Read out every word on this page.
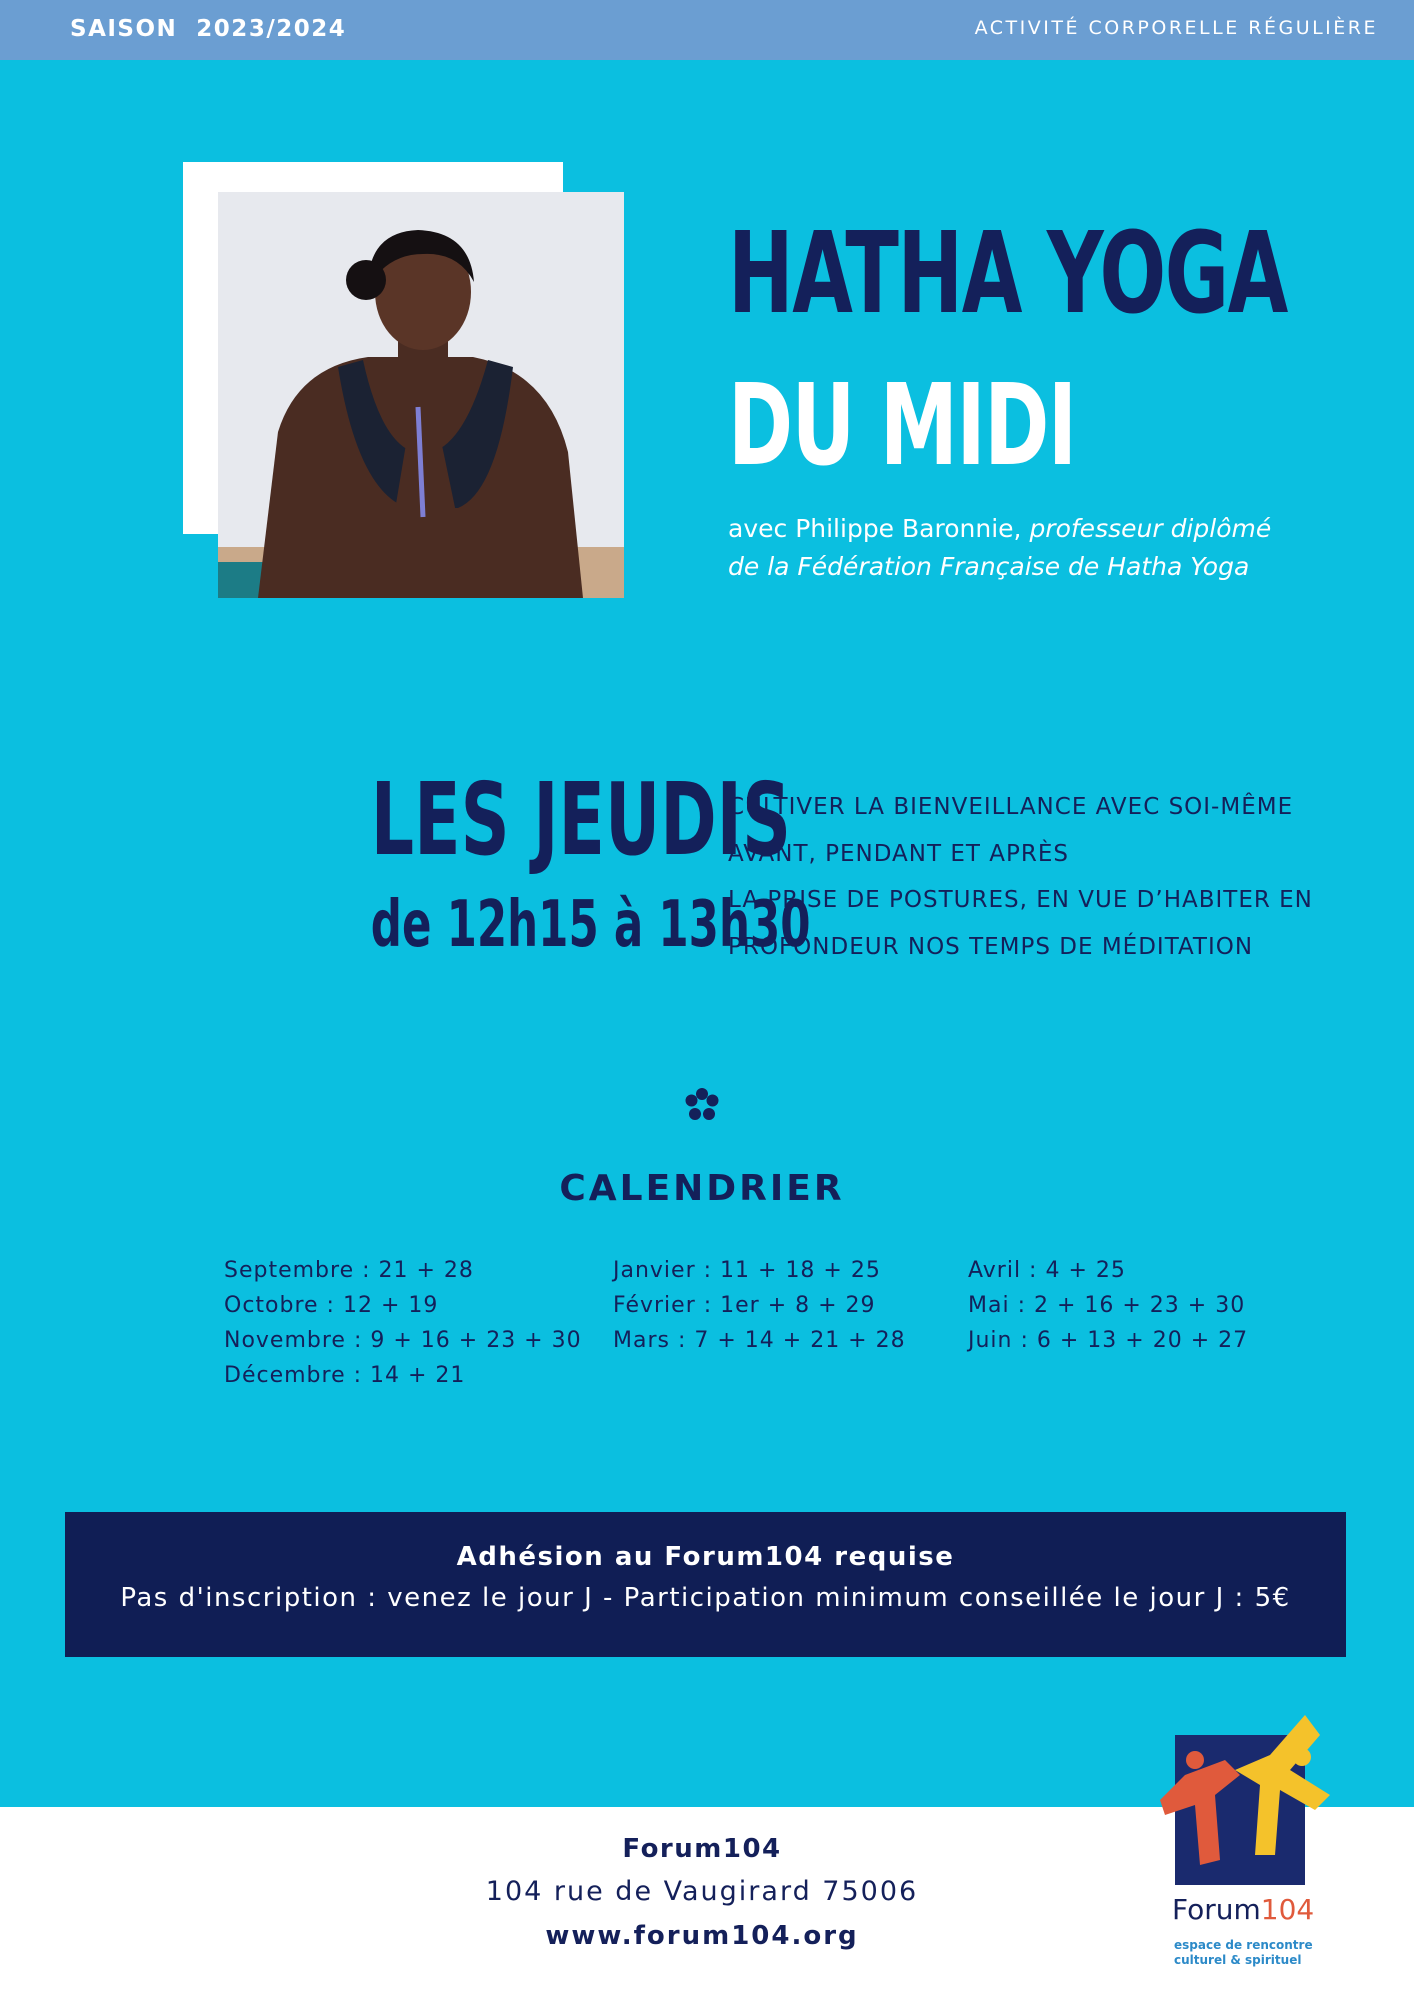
SAISON  2023/2024	ACTIVITÉ CORPORELLE RÉGULIÈRE
HATHA YOGA
DU MIDI
avec Philippe Baronnie, professeur diplômé
de la Fédération Française de Hatha Yoga
LES JEUDIS
de 12h15 à 13h30
CULTIVER LA BIENVEILLANCE AVEC SOI-MÊME
AVANT, PENDANT ET APRÈS
LA PRISE DE POSTURES, EN VUE D’HABITER EN
PROFONDEUR NOS TEMPS DE MÉDITATION
CALENDRIER
Septembre : 21 + 28
Octobre : 12 + 19
Novembre : 9 + 16 + 23 + 30
Décembre : 14 + 21
Janvier : 11 + 18 + 25
Février : 1er + 8 + 29
Mars : 7 + 14 + 21 + 28
Avril : 4 + 25
Mai : 2 + 16 + 23 + 30
Juin : 6 + 13 + 20 + 27
Adhésion au Forum104 requise
Pas d'inscription : venez le jour J - Participation minimum conseillée le jour J : 5€
Forum104
104 rue de Vaugirard 75006
www.forum104.org
Forum104
espace de rencontre
culturel & spirituel
